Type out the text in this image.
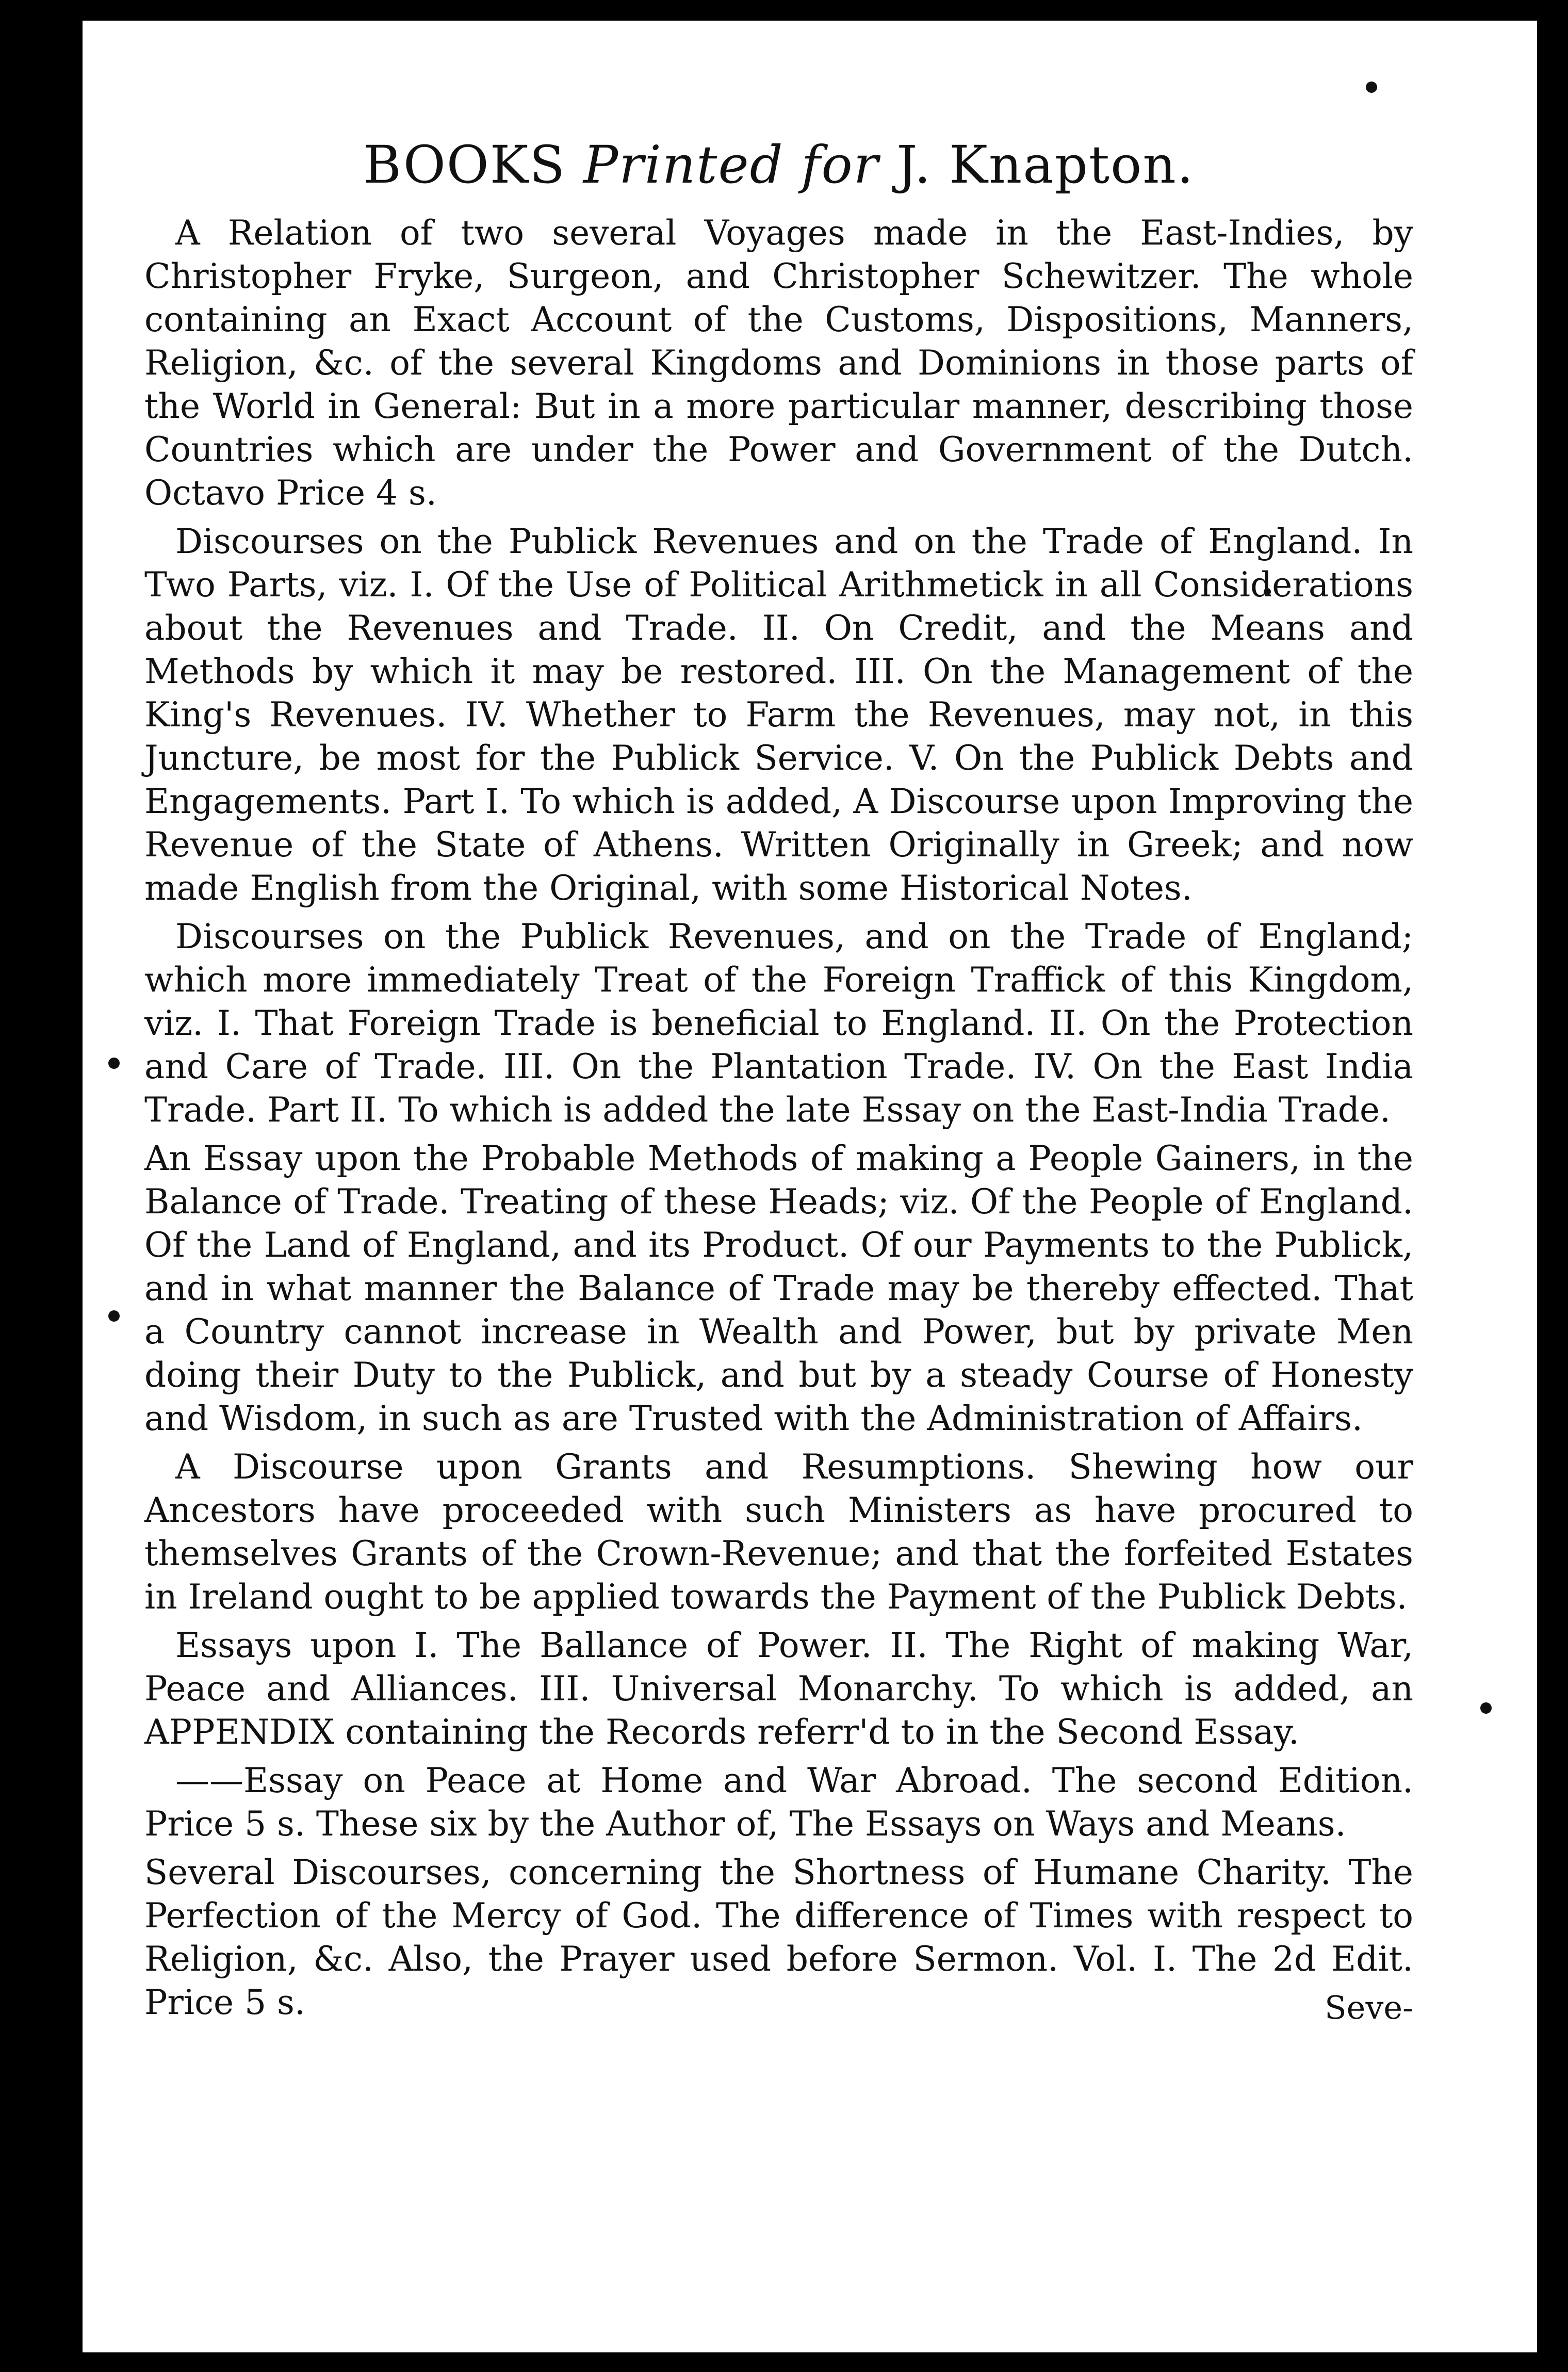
BOOKS Printed for J. Knapton.

A Relation of two several Voyages made in the East-Indies, by Christopher Fryke, Surgeon, and Christopher Schewitzer. The whole containing an Exact Account of the Customs, Dispositions, Manners, Religion, &c. of the several Kingdoms and Dominions in those parts of the World in General: But in a more particular manner, describing those Countries which are under the Power and Government of the Dutch. Octavo Price 4 s.

Discourses on the Publick Revenues and on the Trade of England. In Two Parts, viz. I. Of the Use of Political Arithmetick in all Considerations about the Revenues and Trade. II. On Credit, and the Means and Methods by which it may be restored. III. On the Management of the King's Revenues. IV. Whether to Farm the Revenues, may not, in this Juncture, be most for the Publick Service. V. On the Publick Debts and Engagements. Part I. To which is added, A Discourse upon Improving the Revenue of the State of Athens. Written Originally in Greek; and now made English from the Original, with some Historical Notes.

Discourses on the Publick Revenues, and on the Trade of England; which more immediately Treat of the Foreign Traffick of this Kingdom, viz. I. That Foreign Trade is beneficial to England. II. On the Protection and Care of Trade. III. On the Plantation Trade. IV. On the East India Trade. Part II. To which is added the late Essay on the East-India Trade.

An Essay upon the Probable Methods of making a People Gainers, in the Balance of Trade. Treating of these Heads; viz. Of the People of England. Of the Land of England, and its Product. Of our Payments to the Publick, and in what manner the Balance of Trade may be thereby effected. That a Country cannot increase in Wealth and Power, but by private Men doing their Duty to the Publick, and but by a steady Course of Honesty and Wisdom, in such as are Trusted with the Administration of Affairs.

A Discourse upon Grants and Resumptions. Shewing how our Ancestors have proceeded with such Ministers as have procured to themselves Grants of the Crown-Revenue; and that the forfeited Estates in Ireland ought to be applied towards the Payment of the Publick Debts.

Essays upon I. The Ballance of Power. II. The Right of making War, Peace and Alliances. III. Universal Monarchy. To which is added, an APPENDIX containing the Records referr'd to in the Second Essay.

——Essay on Peace at Home and War Abroad. The second Edition. Price 5 s. These six by the Author of, The Essays on Ways and Means.

Several Discourses, concerning the Shortness of Humane Charity. The Perfection of the Mercy of God. The difference of Times with respect to Religion, &c. Also, the Prayer used before Sermon. Vol. I. The 2d Edit. Price 5 s.	Seve-
